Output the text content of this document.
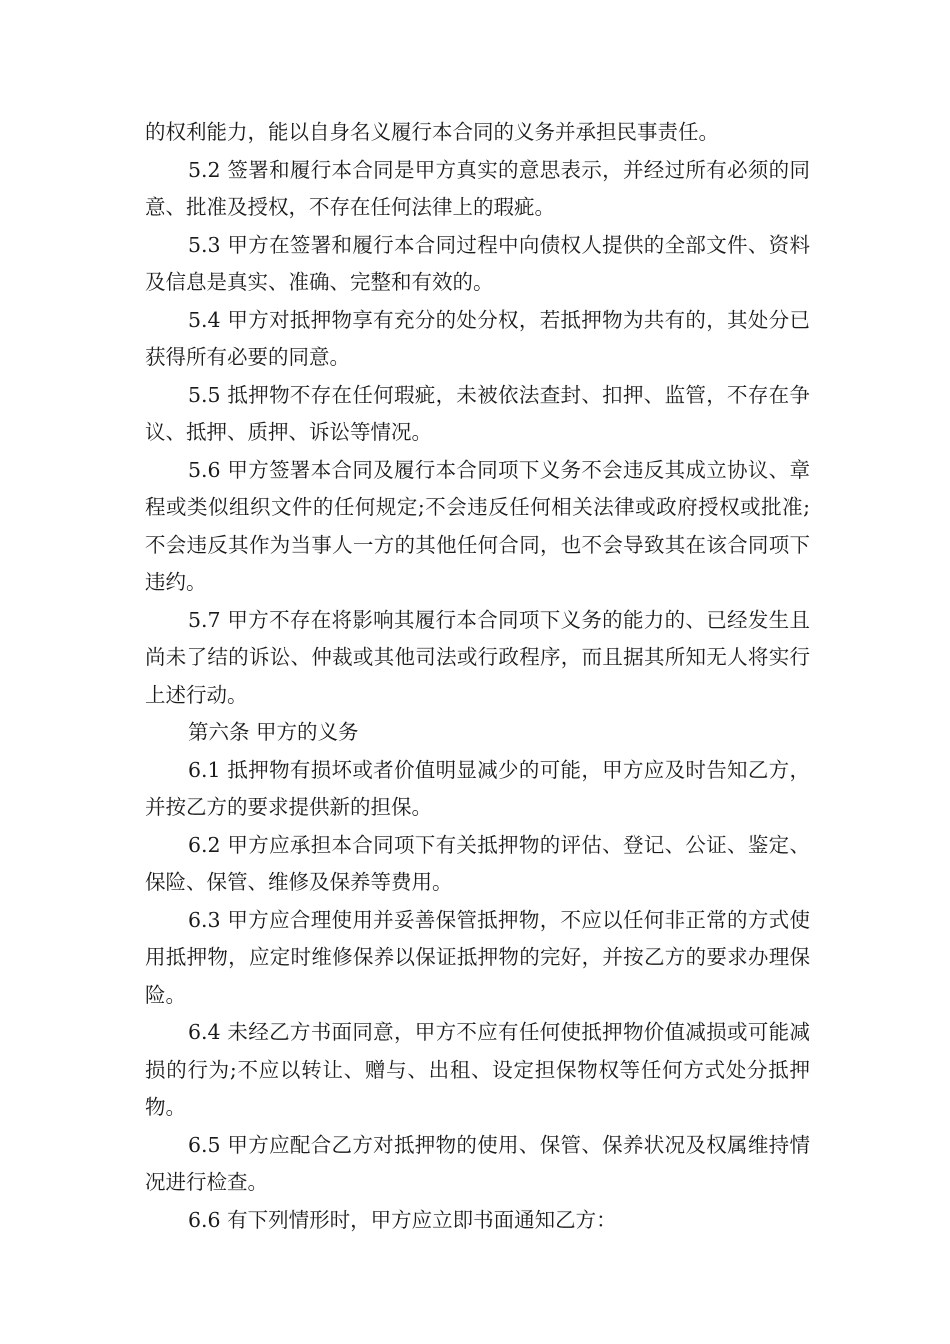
的权利能力，能以自身名义履行本合同的义务并承担民事责任。

5.2 签署和履行本合同是甲方真实的意思表示，并经过所有必须的同意、批准及授权，不存在任何法律上的瑕疵。

5.3 甲方在签署和履行本合同过程中向债权人提供的全部文件、资料及信息是真实、准确、完整和有效的。

5.4 甲方对抵押物享有充分的处分权，若抵押物为共有的，其处分已获得所有必要的同意。

5.5 抵押物不存在任何瑕疵，未被依法查封、扣押、监管，不存在争议、抵押、质押、诉讼等情况。

5.6 甲方签署本合同及履行本合同项下义务不会违反其成立协议、章程或类似组织文件的任何规定;不会违反任何相关法律或政府授权或批准;不会违反其作为当事人一方的其他任何合同，也不会导致其在该合同项下违约。

5.7 甲方不存在将影响其履行本合同项下义务的能力的、已经发生且尚未了结的诉讼、仲裁或其他司法或行政程序，而且据其所知无人将实行上述行动。

第六条 甲方的义务

6.1 抵押物有损坏或者价值明显减少的可能，甲方应及时告知乙方，并按乙方的要求提供新的担保。

6.2 甲方应承担本合同项下有关抵押物的评估、登记、公证、鉴定、保险、保管、维修及保养等费用。

6.3 甲方应合理使用并妥善保管抵押物，不应以任何非正常的方式使用抵押物，应定时维修保养以保证抵押物的完好，并按乙方的要求办理保险。

6.4 未经乙方书面同意，甲方不应有任何使抵押物价值减损或可能减损的行为;不应以转让、赠与、出租、设定担保物权等任何方式处分抵押物。

6.5 甲方应配合乙方对抵押物的使用、保管、保养状况及权属维持情况进行检查。

6.6 有下列情形时，甲方应立即书面通知乙方：
